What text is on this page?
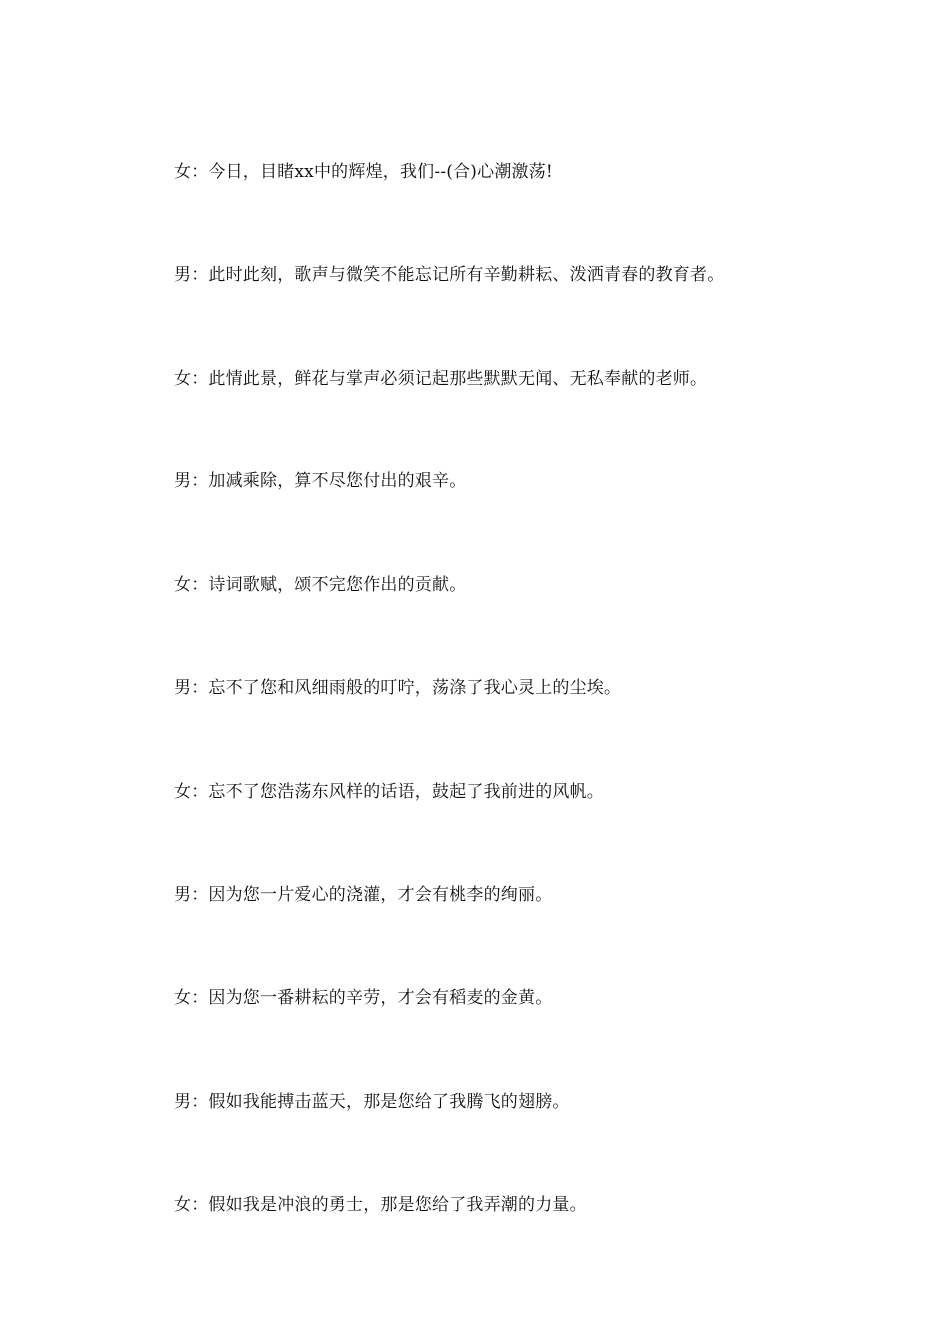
女：今日，目睹xx中的辉煌，我们--(合)心潮激荡!
男：此时此刻，歌声与微笑不能忘记所有辛勤耕耘、泼洒青春的教育者。
女：此情此景，鲜花与掌声必须记起那些默默无闻、无私奉献的老师。
男：加减乘除，算不尽您付出的艰辛。
女：诗词歌赋，颂不完您作出的贡献。
男：忘不了您和风细雨般的叮咛，荡涤了我心灵上的尘埃。
女：忘不了您浩荡东风样的话语，鼓起了我前进的风帆。
男：因为您一片爱心的浇灌，才会有桃李的绚丽。
女：因为您一番耕耘的辛劳，才会有稻麦的金黄。
男：假如我能搏击蓝天，那是您给了我腾飞的翅膀。
女：假如我是冲浪的勇士，那是您给了我弄潮的力量。
